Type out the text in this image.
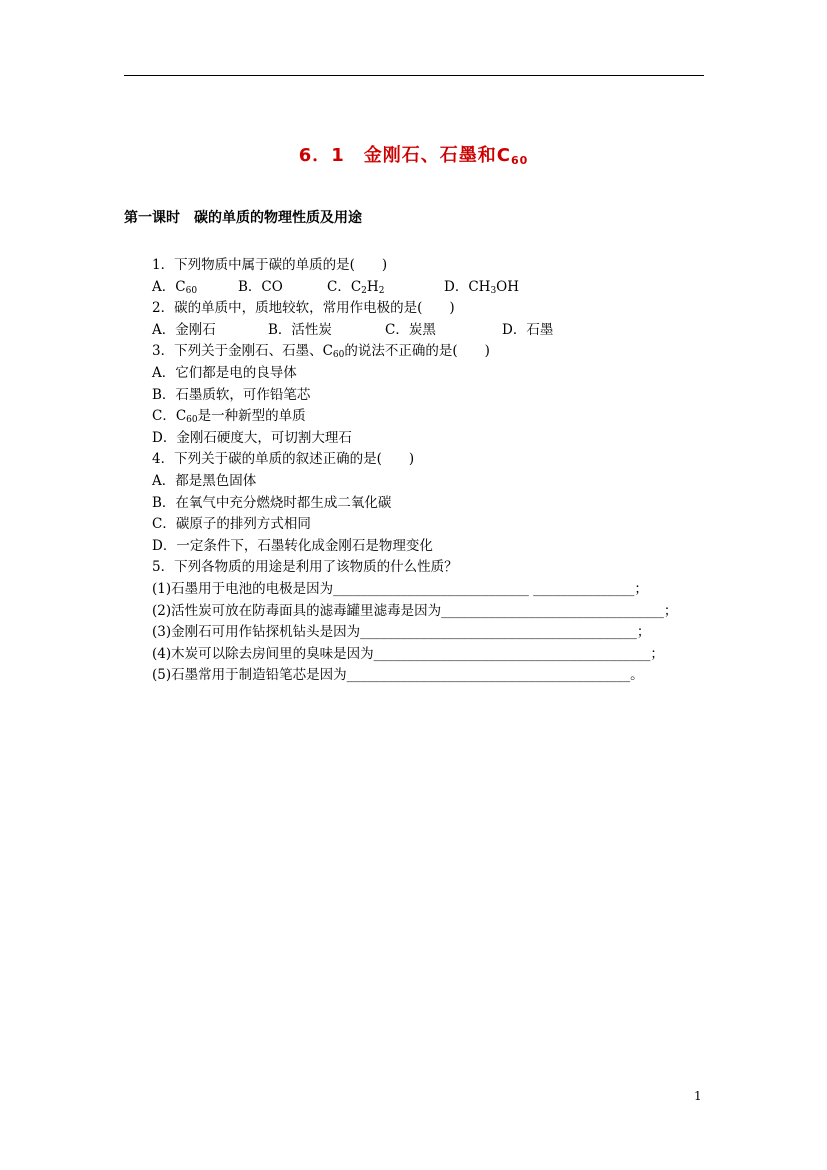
6．1　金刚石、石墨和$C_{60}$
第一课时　碳的单质的物理性质及用途
1．下列物质中属于碳的单质的是(　　)
A．$C_{60}$	B．CO	C．$C_2H_2$	D．$CH_3OH$
2．碳的单质中，质地较软，常用作电极的是(　　)
A．金刚石	B．活性炭	C．炭黑	D．石墨
3．下列关于金刚石、石墨、$C_{60}$的说法不正确的是(　　)
A．它们都是电的良导体
B．石墨质软，可作铅笔芯
C．$C_{60}$是一种新型的单质
D．金刚石硬度大，可切割大理石
4．下列关于碳的单质的叙述正确的是(　　)
A．都是黑色固体
B．在氧气中充分燃烧时都生成二氧化碳
C．碳原子的排列方式相同
D．一定条件下，石墨转化成金刚石是物理变化
5．下列各物质的用途是利用了该物质的什么性质？
(1)石墨用于电池的电极是因为_____________________________ _______________；
(2)活性炭可放在防毒面具的滤毒罐里滤毒是因为_________________________________；
(3)金刚石可用作钻探机钻头是因为_________________________________________；
(4)木炭可以除去房间里的臭味是因为_________________________________________；
(5)石墨常用于制造铅笔芯是因为__________________________________________。
1
